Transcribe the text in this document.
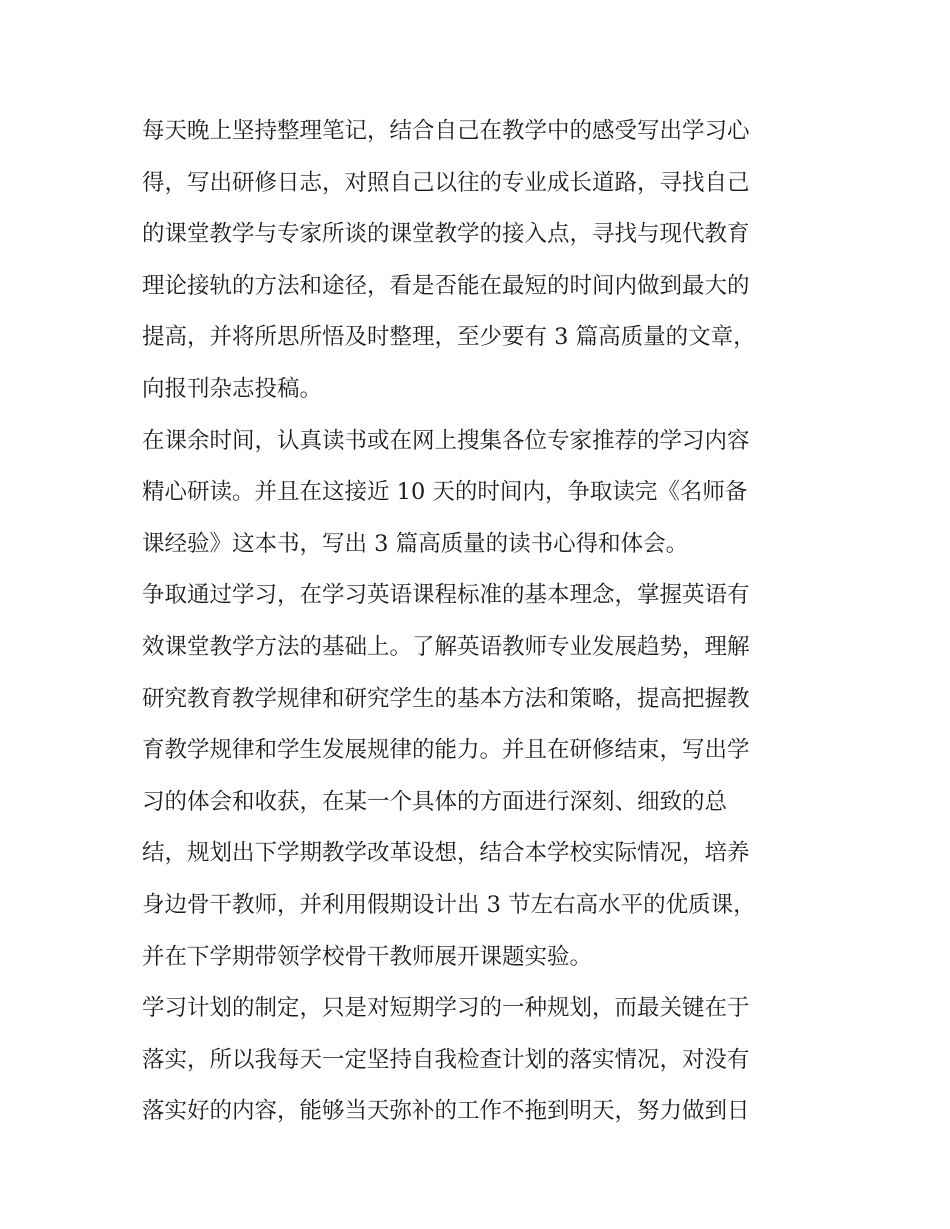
每天晚上坚持整理笔记，结合自己在教学中的感受写出学习心
得，写出研修日志，对照自己以往的专业成长道路，寻找自己
的课堂教学与专家所谈的课堂教学的接入点，寻找与现代教育
理论接轨的方法和途径，看是否能在最短的时间内做到最大的
提高，并将所思所悟及时整理，至少要有 3 篇高质量的文章，
向报刊杂志投稿。
在课余时间，认真读书或在网上搜集各位专家推荐的学习内容
精心研读。并且在这接近 10 天的时间内，争取读完《名师备
课经验》这本书，写出 3 篇高质量的读书心得和体会。
争取通过学习，在学习英语课程标准的基本理念，掌握英语有
效课堂教学方法的基础上。了解英语教师专业发展趋势，理解
研究教育教学规律和研究学生的基本方法和策略，提高把握教
育教学规律和学生发展规律的能力。并且在研修结束，写出学
习的体会和收获，在某一个具体的方面进行深刻、细致的总
结，规划出下学期教学改革设想，结合本学校实际情况，培养
身边骨干教师，并利用假期设计出 3 节左右高水平的优质课，
并在下学期带领学校骨干教师展开课题实验。
学习计划的制定，只是对短期学习的一种规划，而最关键在于
落实，所以我每天一定坚持自我检查计划的落实情况，对没有
落实好的内容，能够当天弥补的工作不拖到明天，努力做到日
